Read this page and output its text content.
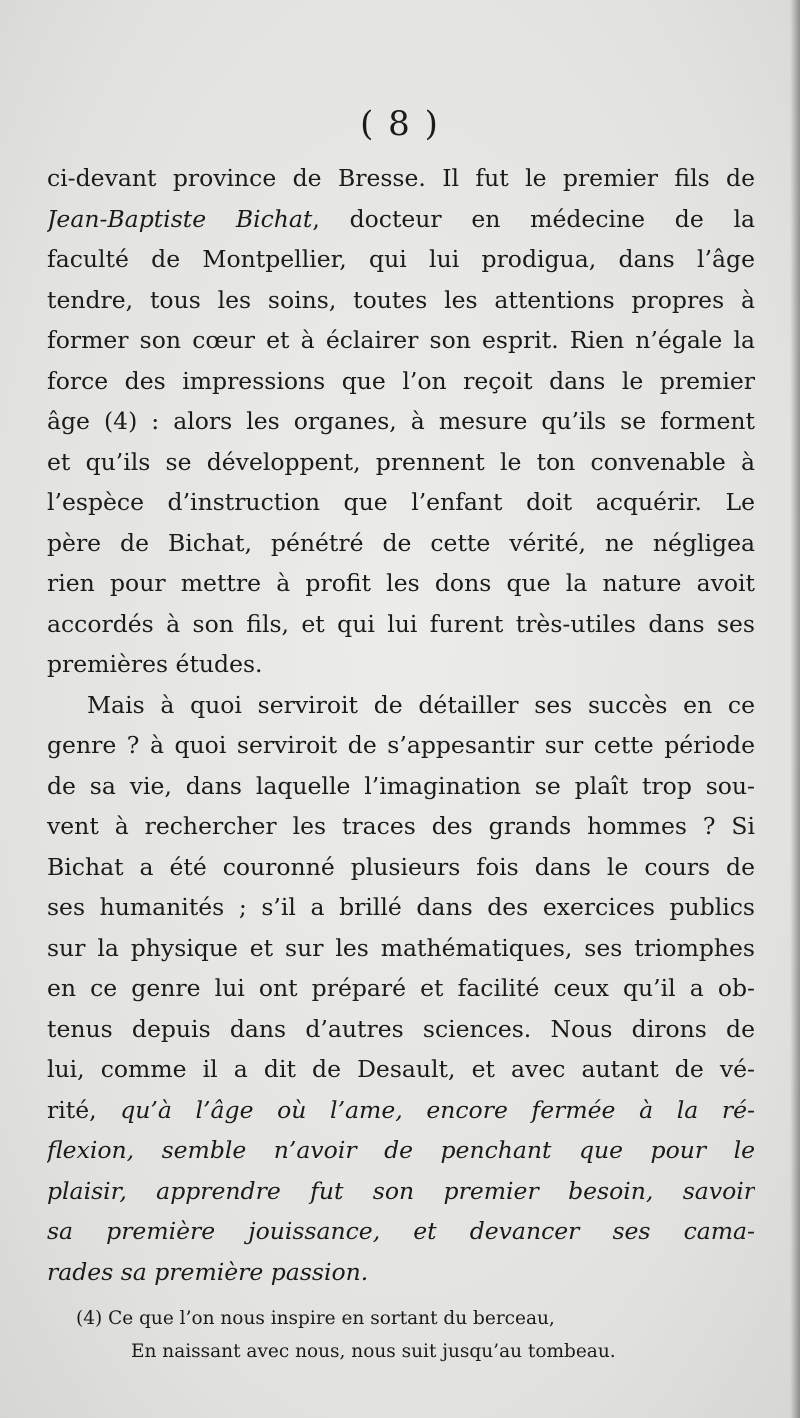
( 8 )
ci-devant province de Bresse. Il fut le premier fils de
Jean-Baptiste Bichat, docteur en médecine de la
faculté de Montpellier, qui lui prodigua, dans l’âge
tendre, tous les soins, toutes les attentions propres à
former son cœur et à éclairer son esprit. Rien n’égale la
force des impressions que l’on reçoit dans le premier
âge (4) : alors les organes, à mesure qu’ils se forment
et qu’ils se développent, prennent le ton convenable à
l’espèce d’instruction que l’enfant doit acquérir. Le
père de Bichat, pénétré de cette vérité, ne négligea
rien pour mettre à profit les dons que la nature avoit
accordés à son fils, et qui lui furent très-utiles dans ses
premières études.
Mais à quoi serviroit de détailler ses succès en ce
genre ? à quoi serviroit de s’appesantir sur cette période
de sa vie, dans laquelle l’imagination se plaît trop sou-
vent à rechercher les traces des grands hommes ? Si
Bichat a été couronné plusieurs fois dans le cours de
ses humanités ; s’il a brillé dans des exercices publics
sur la physique et sur les mathématiques, ses triomphes
en ce genre lui ont préparé et facilité ceux qu’il a ob-
tenus depuis dans d’autres sciences. Nous dirons de
lui, comme il a dit de Desault, et avec autant de vé-
rité, qu’à l’âge où l’ame, encore fermée à la ré-
flexion, semble n’avoir de penchant que pour le
plaisir, apprendre fut son premier besoin, savoir
sa première jouissance, et devancer ses cama-
rades sa première passion.
(4) Ce que l’on nous inspire en sortant du berceau,
En naissant avec nous, nous suit jusqu’au tombeau.
